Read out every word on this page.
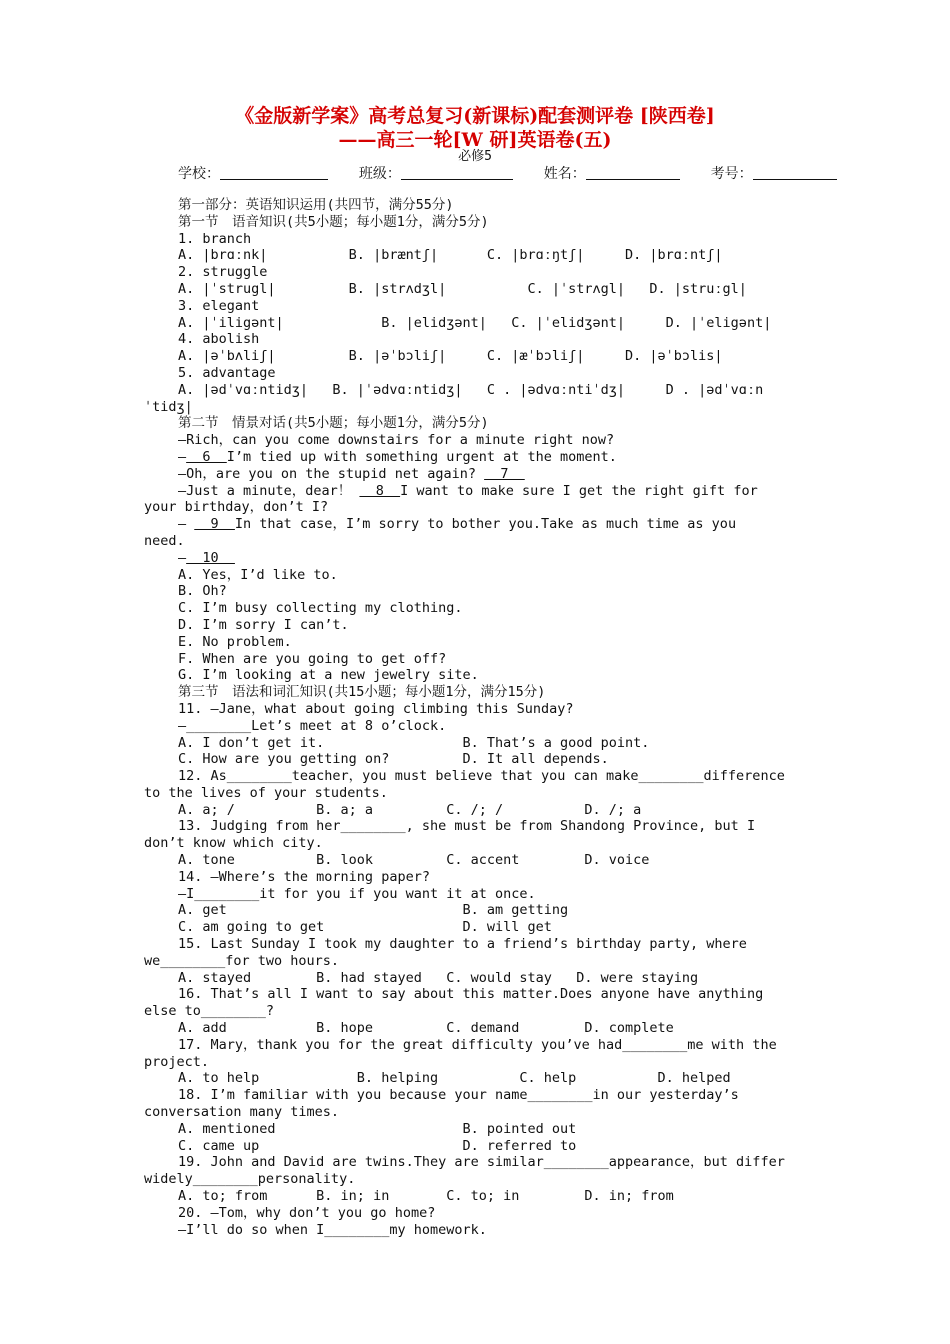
《金版新学案》高考总复习(新课标)配套测评卷 [陕西卷]
——高三一轮[W 研]英语卷(五)
必修5
学校：	班级：	姓名：	考号：
第一部分：英语知识运用(共四节，满分55分)
第一节　语音知识(共5小题；每小题1分，满分5分)
1. branch
A. |brɑːnk|          B. |bræntʃ|      C. |brɑːŋtʃ|     D. |brɑːntʃ|
2. struggle
A. |ˈstrugl|         B. |strʌdʒl|          C. |ˈstrʌgl|   D. |struːgl|
3. elegant
A. |ˈiligənt|            B. |elidʒənt|   C. |ˈelidʒənt|     D. |ˈeligənt|
4. abolish
A. |əˈbʌliʃ|         B. |əˈbɔliʃ|     C. |æˈbɔliʃ|     D. |əˈbɔlis|
5. advantage
A. |ədˈvɑːntidʒ|   B. |ˈədvɑːntidʒ|   C . |ədvɑːntiˈdʒ|     D . |ədˈvɑːn
ˈtidʒ|
第二节　情景对话(共5小题；每小题1分，满分5分)
—Rich，can you come downstairs for a minute right now?
—  6  I’m tied up with something urgent at the moment.
—Oh，are you on the stupid net again?   7
—Just a minute，dear！   8  I want to make sure I get the right gift for
your birthday，don’t I?
—   9  In that case，I’m sorry to bother you.Take as much time as you
need.
—  10
A. Yes，I’d like to.
B. Oh?
C. I’m busy collecting my clothing.
D. I’m sorry I can’t.
E. No problem.
F. When are you going to get off?
G. I’m looking at a new jewelry site.
第三节　语法和词汇知识(共15小题；每小题1分，满分15分)
11. —Jane，what about going climbing this Sunday?
—________Let’s meet at 8 o’clock.
A. I don’t get it.                 B. That’s a good point.
C. How are you getting on?         D. It all depends.
12. As________teacher，you must believe that you can make________difference
to the lives of your students.
A. a; /          B. a; a         C. /; /          D. /; a
13. Judging from her________, she must be from Shandong Province, but I
don’t know which city.
A. tone          B. look         C. accent        D. voice
14. —Where’s the morning paper?
—I________it for you if you want it at once.
A. get                             B. am getting
C. am going to get                 D. will get
15. Last Sunday I took my daughter to a friend’s birthday party, where
we________for two hours.
A. stayed        B. had stayed   C. would stay   D. were staying
16. That’s all I want to say about this matter.Does anyone have anything
else to________?
A. add           B. hope         C. demand        D. complete
17. Mary，thank you for the great difficulty you’ve had________me with the
project.
A. to help            B. helping          C. help          D. helped
18. I’m familiar with you because your name________in our yesterday’s
conversation many times.
A. mentioned                       B. pointed out
C. came up                         D. referred to
19. John and David are twins.They are similar________appearance，but differ
widely________personality.
A. to; from      B. in; in       C. to; in        D. in; from
20. —Tom，why don’t you go home?
—I’ll do so when I________my homework.
